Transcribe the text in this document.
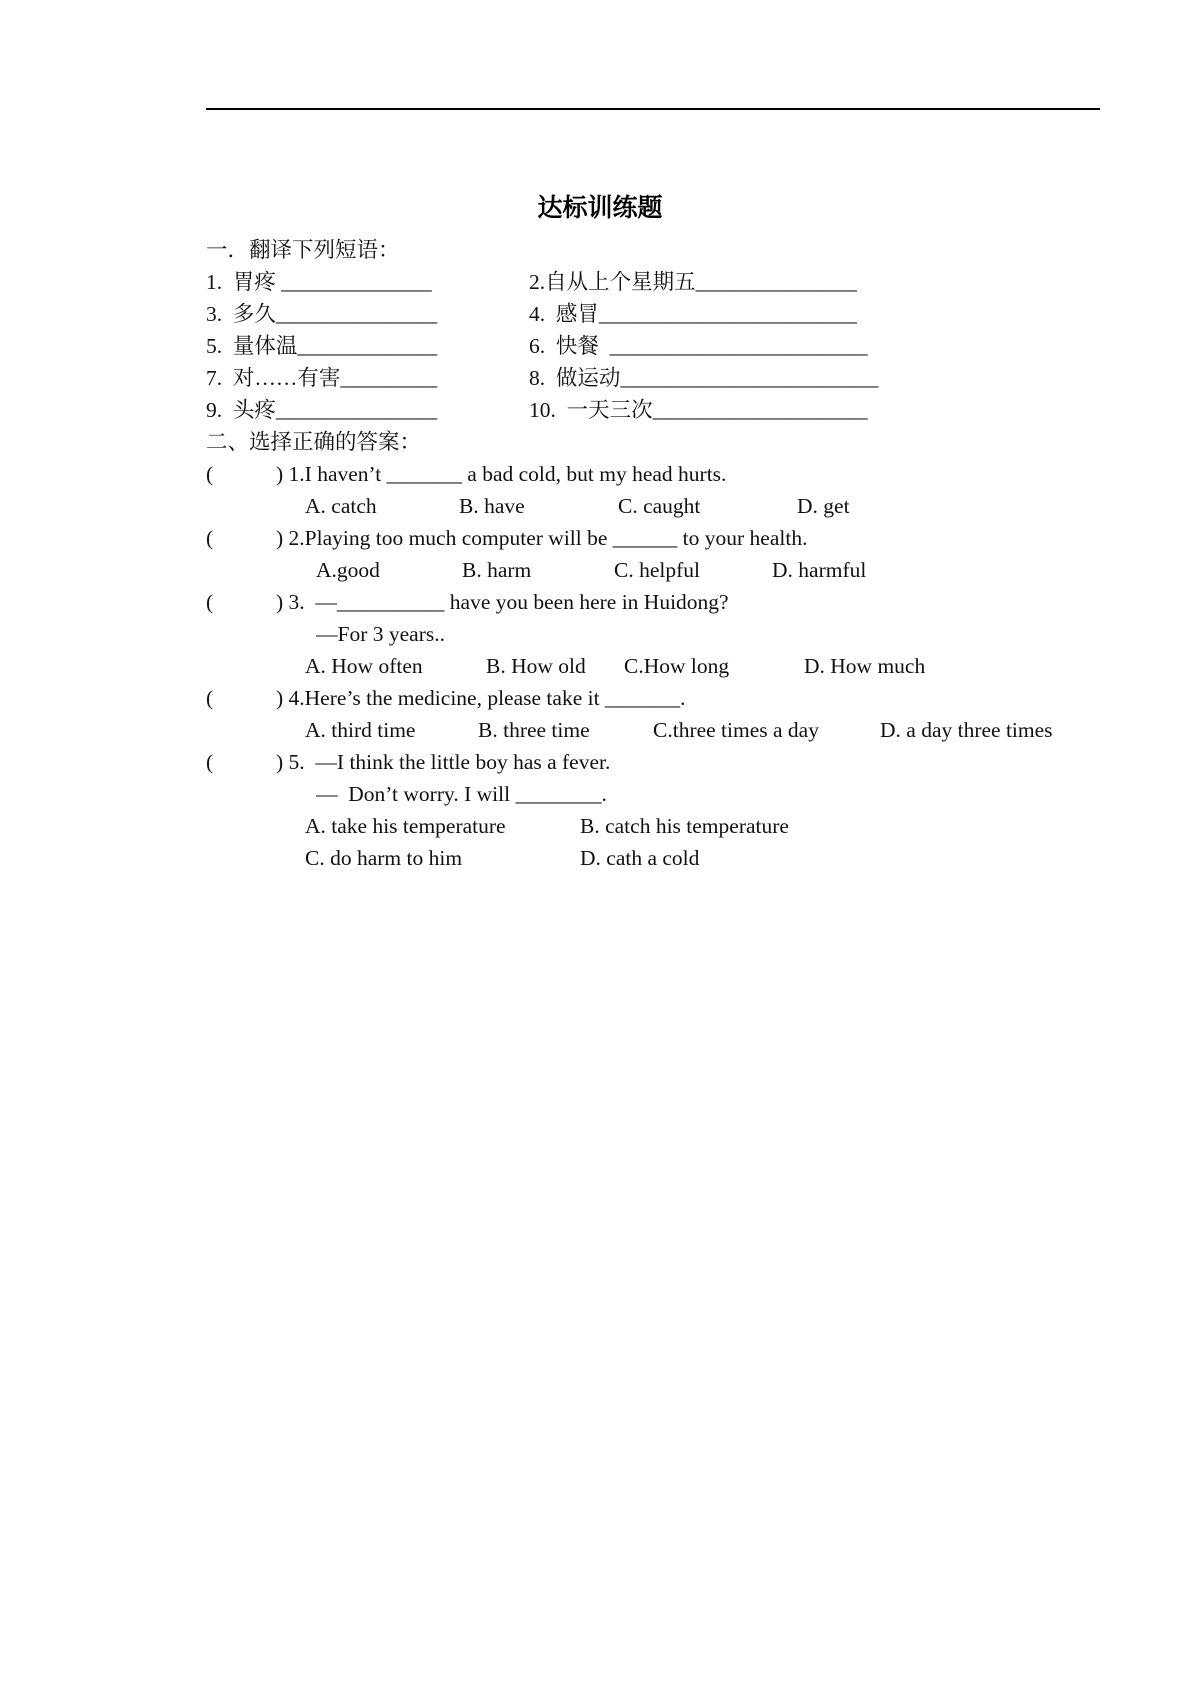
达标训练题
一．翻译下列短语：
1.  胃疼 ______________	2.自从上个星期五_______________
3.  多久_______________	4.  感冒________________________
5.  量体温_____________	6.  快餐  ________________________
7.  对……有害_________	8.  做运动________________________
9.  头疼_______________	10.  一天三次____________________
二、选择正确的答案：
(	) 1.I haven’t _______ a bad cold, but my head hurts.
A. catch	B. have	C. caught	D. get
(	) 2.Playing too much computer will be ______ to your health.
A.good	B. harm	C. helpful	D. harmful
(	) 3.  —__________ have you been here in Huidong?
—For 3 years..
A. How often	B. How old C.How long	D. How much
(	) 4.Here’s the medicine, please take it _______.
A. third time	B. three time	C.three times a day	D. a day three times
(	) 5.  —I think the little boy has a fever.
—  Don’t worry. I will ________.
A. take his temperature	B. catch his temperature
C. do harm to him	D. cath a cold
